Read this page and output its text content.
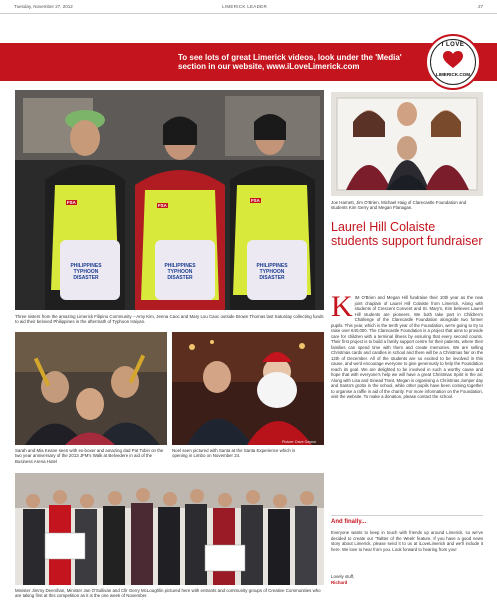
Tuesday, November 27, 2012	LIMERICK LEADER	27
To see lots of great Limerick videos, look under the 'Media' section in our website, www.iLoveLimerick.com
I LOVE
LIMERICK.COM
PHILIPPINES TYPHOON DISASTER
PHILIPPINES TYPHOON DISASTER
PHILIPPINES TYPHOON DISASTER
FSA
FSA
FSA
Three sisters from the amazing Limerick Filipino Community – Amy Kim, Jenna Caoc and Mary Lou Caoc outside Brown Thomas last Saturday collecting funds to aid their beloved Philippines in the aftermath of Typhoon Haiyan.
Sarah and Mia Keane seen with ex-boxer and amazing dad Pat Tobin on the two year anniversary of the 2013 JFM's Walk at Belvedere in aid of the Business Arena Hotel
Noel seen pictured with Santa at the Santa Experience which is opening in Limbo on November 24.
Picture: Dave Gaynor
Minister Jimmy Deenihan, Minister Jan O'Sullivan and Cllr Gerry McLoughlin pictured here with entrants and community groups of Creative Communities who are taking first at this competition as it is the one week of November.
Joe Harnett, Jim O'Brien, Michael Haig of Clarecastle Foundation and students Kim Gerry and Megan Flanagan.
Laurel Hill Colaiste students support fundraiser
K IM O'Brien and Megan Hill fundraise their 10th year as the new joint chaplain of Laurel Hill Colaiste from Limerick. Along with students of Crescent Convent and St. Mary's, Kim believes Laurel Hill students are pioneers. We both take part in Children's Challenge of the Clarecastle Foundation alongside two former pupils. This year, which is the tenth year of the Foundation, we're going to try to raise over €40,000. The Clarecastle Foundation is a project that aims to provide care for children with a terminal illness by ensuring that every second counts. Their first project is to build a family support centre for their patients, where their families can spend time with them and create memories. We are selling Christmas cards and candles in school and there will be a Christmas fair on the 12th of December. All of the students are so excited to be involved in this cause, and we'd encourage everyone to give generously to help the Foundation reach its goal. We are delighted to be involved in such a worthy cause and hope that with everyone's help we will have a great Christmas Spirit in the air. Along with Lisa and Sinead Trant, Megan is organising a Christmas Jumper day and Santa's grotto in the school, while other pupils have been coming together to organise a raffle in aid of the charity. For more information on the Foundation, visit the website. To make a donation, please contact the school.
And finally...
Everyone wants to keep in touch with friends up around Limerick, so we've decided to create our 'Twitter of the Week' feature. If you have a good news story about Limerick, please send it to us at iLoveLimerick and we'll include it here. We love to hear from you. Look forward to hearing from you!
Lovely stuff,
Richard
